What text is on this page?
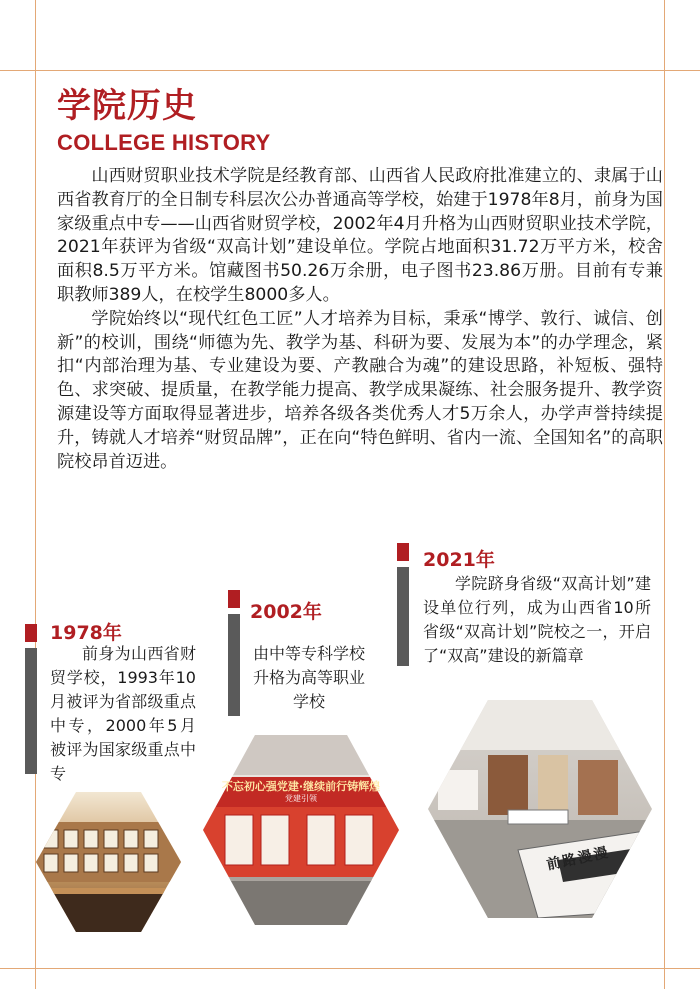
学院历史
COLLEGE HISTORY

山西财贸职业技术学院是经教育部、山西省人民政府批准建立的、隶属于山西省教育厅的全日制专科层次公办普通高等学校，始建于1978年8月，前身为国家级重点中专——山西省财贸学校，2002年4月升格为山西财贸职业技术学院，2021年获评为省级“双高计划”建设单位。学院占地面积31.72万平方米，校舍面积8.5万平方米。馆藏图书50.26万余册，电子图书23.86万册。目前有专兼职教师389人，在校学生8000多人。

学院始终以“现代红色工匠”人才培养为目标，秉承“博学、敦行、诚信、创新”的校训，围绕“师德为先、教学为基、科研为要、发展为本”的办学理念，紧扣“内部治理为基、专业建设为要、产教融合为魂”的建设思路，补短板、强特色、求突破、提质量，在教学能力提高、教学成果凝练、社会服务提升、教学资源建设等方面取得显著进步，培养各级各类优秀人才5万余人，办学声誉持续提升，铸就人才培养“财贸品牌”，正在向“特色鲜明、省内一流、全国知名”的高职院校昂首迈进。

1978年
前身为山西省财贸学校，1993年10月被评为省部级重点中专，2000年5月被评为国家级重点中专
2002年
由中等专科学校升格为高等职业学校
2021年
学院跻身省级“双高计划”建设单位行列，成为山西省10所省级“双高计划”院校之一，开启了“双高”建设的新篇章
不忘初心强党建·继续前行铸辉煌
党建引领
前路漫漫
